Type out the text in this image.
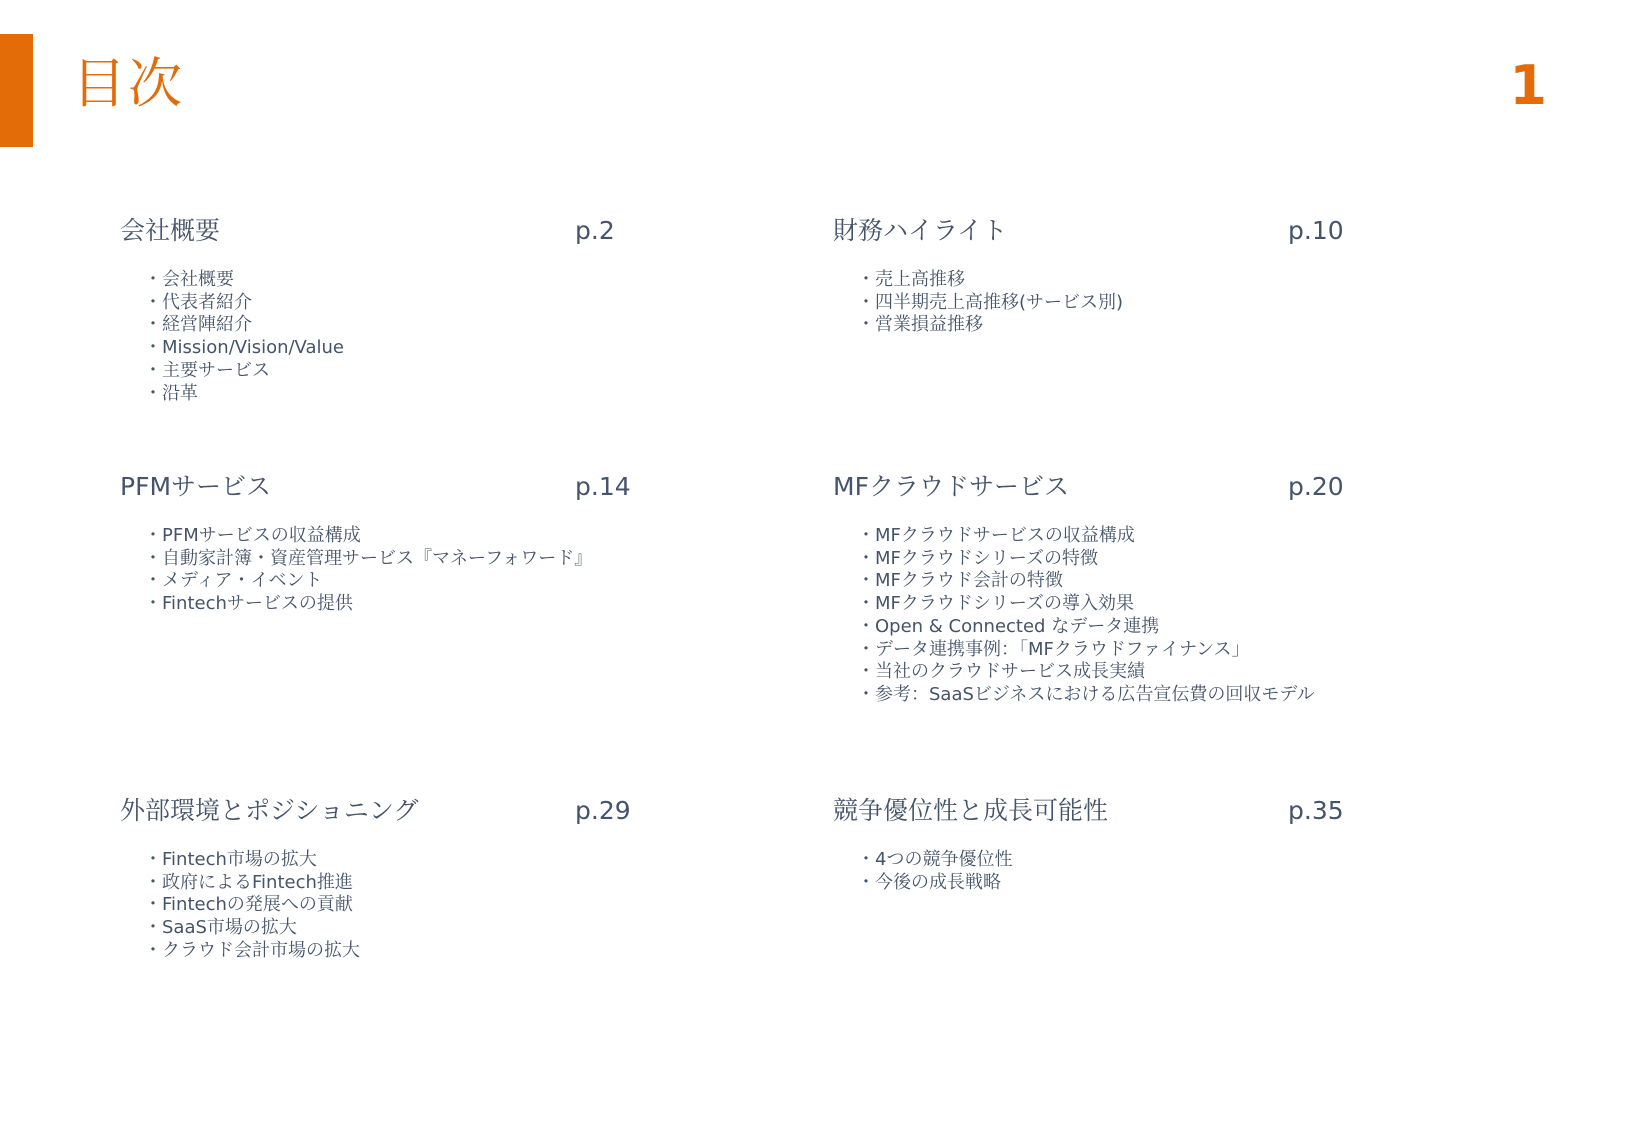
目次	1
会社概要	p.2
・ 会社概要
・ 代表者紹介
・ 経営陣紹介
・ Mission/Vision/Value
・ 主要サービス
・ 沿革
財務ハイライト	p.10
・ 売上高推移
・ 四半期売上高推移(サービス別)
・ 営業損益推移
PFMサービス	p.14
・ PFMサービスの収益構成
・ 自動家計簿・資産管理サービス『マネーフォワード』
・ メディア・イベント
・ Fintechサービスの提供
MFクラウドサービス	p.20
・ MFクラウドサービスの収益構成
・ MFクラウドシリーズの特徴
・ MFクラウド会計の特徴
・ MFクラウドシリーズの導入効果
・ Open & Connected なデータ連携
・ データ連携事例：「MFクラウドファイナンス」
・ 当社のクラウドサービス成長実績
・ 参考：SaaSビジネスにおける広告宣伝費の回収モデル
外部環境とポジショニング	p.29
・ Fintech市場の拡大
・ 政府によるFintech推進
・ Fintechの発展への貢献
・ SaaS市場の拡大
・ クラウド会計市場の拡大
競争優位性と成長可能性	p.35
・ 4つの競争優位性
・ 今後の成長戦略
